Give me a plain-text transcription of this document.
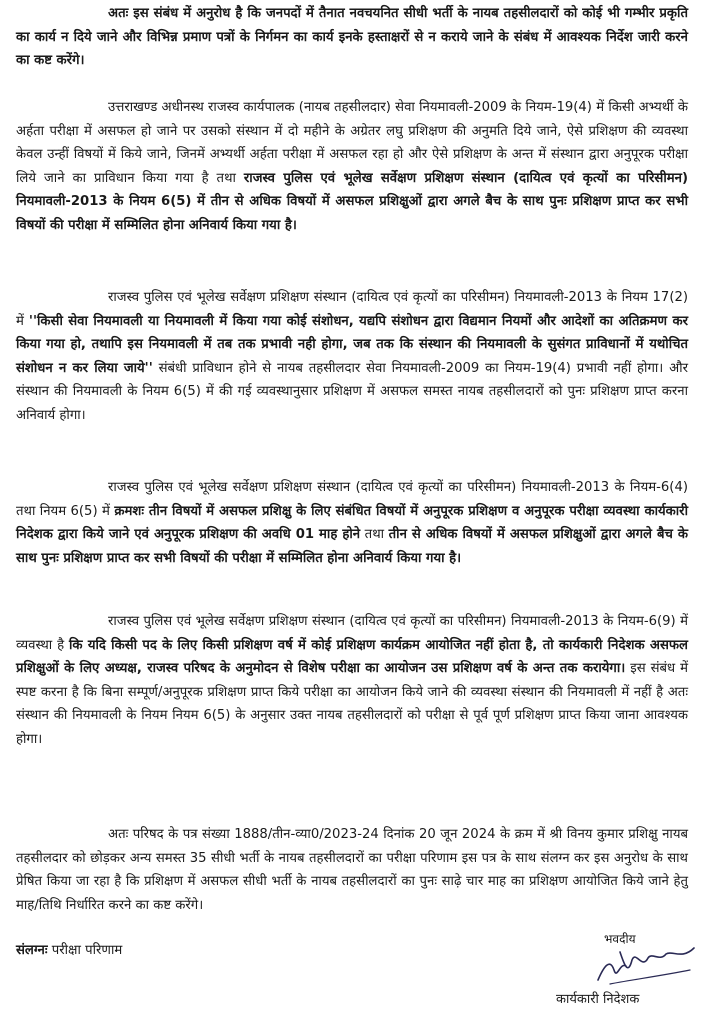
अतः इस संबंध में अनुरोध है कि जनपदों में तैनात नवचयनित सीधी भर्ती के नायब तहसीलदारों को कोई भी गम्भीर प्रकृति का कार्य न दिये जाने और विभिन्न प्रमाण पत्रों के निर्गमन का कार्य इनके हस्ताक्षरों से न कराये जाने के संबंध में आवश्यक निर्देश जारी करने का कष्ट करेंगे।

उत्तराखण्ड अधीनस्थ राजस्व कार्यपालक (नायब तहसीलदार) सेवा नियमावली-2009 के नियम-19(4) में किसी अभ्यर्थी के अर्हता परीक्षा में असफल हो जाने पर उसको संस्थान में दो महीने के अग्रेतर लघु प्रशिक्षण की अनुमति दिये जाने, ऐसे प्रशिक्षण की व्यवस्था केवल उन्हीं विषयों में किये जाने, जिनमें अभ्यर्थी अर्हता परीक्षा में असफल रहा हो और ऐसे प्रशिक्षण के अन्त में संस्थान द्वारा अनुपूरक परीक्षा लिये जाने का प्राविधान किया गया है तथा राजस्व पुलिस एवं भूलेख सर्वेक्षण प्रशिक्षण संस्थान (दायित्व एवं कृत्यों का परिसीमन) नियमावली-2013 के नियम 6(5) में तीन से अधिक विषयों में असफल प्रशिक्षुओं द्वारा अगले बैच के साथ पुनः प्रशिक्षण प्राप्त कर सभी विषयों की परीक्षा में सम्मिलित होना अनिवार्य किया गया है।

राजस्व पुलिस एवं भूलेख सर्वेक्षण प्रशिक्षण संस्थान (दायित्व एवं कृत्यों का परिसीमन) नियमावली-2013 के नियम 17(2) में ''किसी सेवा नियमावली या नियमावली में किया गया कोई संशोधन, यद्यपि संशोधन द्वारा विद्यमान नियमों और आदेशों का अतिक्रमण कर किया गया हो, तथापि इस नियमावली में तब तक प्रभावी नही होगा, जब तक कि संस्थान की नियमावली के सुसंगत प्राविधानों में यथोचित संशोधन न कर लिया जाये'' संबंधी प्राविधान होने से नायब तहसीलदार सेवा नियमावली-2009 का नियम-19(4) प्रभावी नहीं होगा। और संस्थान की नियमावली के नियम 6(5) में की गई व्यवस्थानुसार प्रशिक्षण में असफल समस्त नायब तहसीलदारों को पुनः प्रशिक्षण प्राप्त करना अनिवार्य होगा।

राजस्व पुलिस एवं भूलेख सर्वेक्षण प्रशिक्षण संस्थान (दायित्व एवं कृत्यों का परिसीमन) नियमावली-2013 के नियम-6(4) तथा नियम 6(5) में क्रमशः तीन विषयों में असफल प्रशिक्षु के लिए संबंधित विषयों में अनुपूरक प्रशिक्षण व अनुपूरक परीक्षा व्यवस्था कार्यकारी निदेशक द्वारा किये जाने एवं अनुपूरक प्रशिक्षण की अवधि 01 माह होने तथा तीन से अधिक विषयों में असफल प्रशिक्षुओं द्वारा अगले बैच के साथ पुनः प्रशिक्षण प्राप्त कर सभी विषयों की परीक्षा में सम्मिलित होना अनिवार्य किया गया है।

राजस्व पुलिस एवं भूलेख सर्वेक्षण प्रशिक्षण संस्थान (दायित्व एवं कृत्यों का परिसीमन) नियमावली-2013 के नियम-6(9) में व्यवस्था है कि यदि किसी पद के लिए किसी प्रशिक्षण वर्ष में कोई प्रशिक्षण कार्यक्रम आयोजित नहीं होता है, तो कार्यकारी निदेशक असफल प्रशिक्षुओं के लिए अध्यक्ष, राजस्व परिषद के अनुमोदन से विशेष परीक्षा का आयोजन उस प्रशिक्षण वर्ष के अन्त तक करायेगा। इस संबंध में स्पष्ट करना है कि बिना सम्पूर्ण/अनुपूरक प्रशिक्षण प्राप्त किये परीक्षा का आयोजन किये जाने की व्यवस्था संस्थान की नियमावली में नहीं है अतः संस्थान की नियमावली के नियम नियम 6(5) के अनुसार उक्त नायब तहसीलदारों को परीक्षा से पूर्व पूर्ण प्रशिक्षण प्राप्त किया जाना आवश्यक होगा।

अतः परिषद के पत्र संख्या 1888/तीन-व्या0/2023-24 दिनांक 20 जून 2024 के क्रम में श्री विनय कुमार प्रशिक्षु नायब तहसीलदार को छोड़कर अन्य समस्त 35 सीधी भर्ती के नायब तहसीलदारों का परीक्षा परिणाम इस पत्र के साथ संलग्न कर इस अनुरोध के साथ प्रेषित किया जा रहा है कि प्रशिक्षण में असफल सीधी भर्ती के नायब तहसीलदारों का पुनः साढ़े चार माह का प्रशिक्षण आयोजित किये जाने हेतु माह/तिथि निर्धारित करने का कष्ट करेंगे।

संलग्नः परीक्षा परिणाम
भवदीय
कार्यकारी निदेशक
